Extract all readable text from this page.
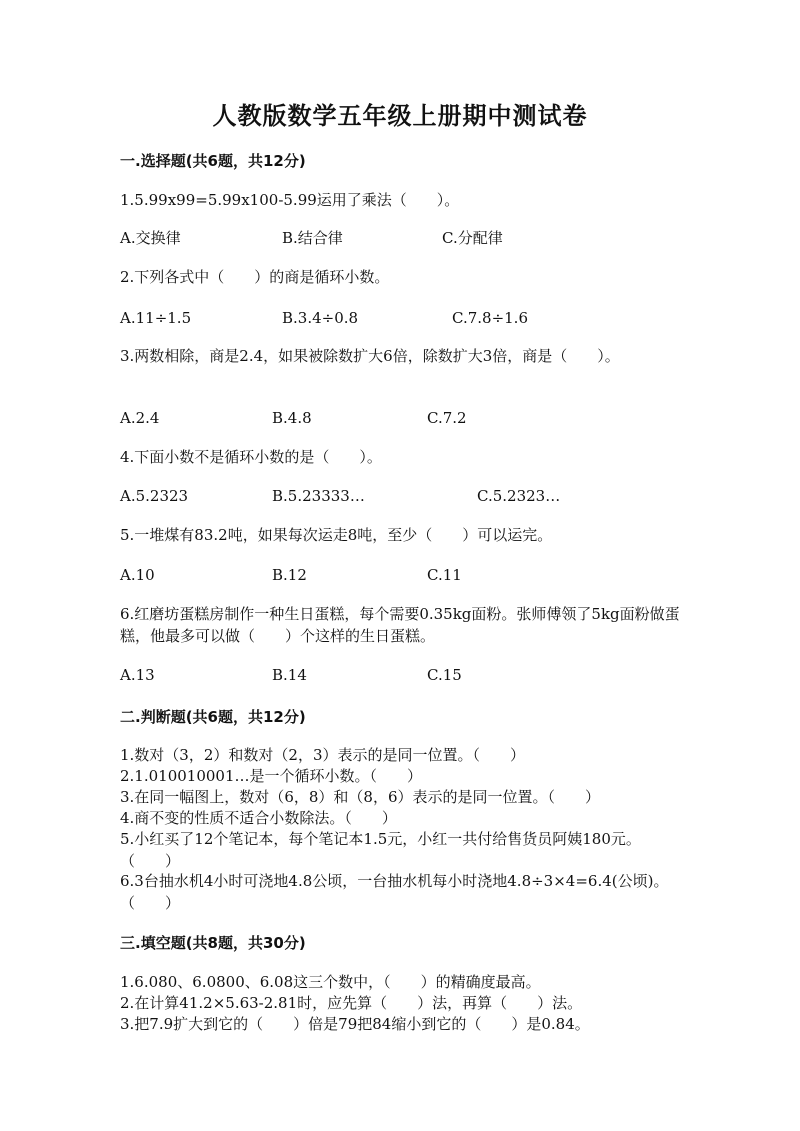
人教版数学五年级上册期中测试卷
一.选择题(共6题，共12分)
1.5.99x99=5.99x100-5.99运用了乘法（　　）。
A.交换律	B.结合律	C.分配律
2.下列各式中（　　）的商是循环小数。
A.11÷1.5	B.3.4÷0.8	C.7.8÷1.6
3.两数相除，商是2.4，如果被除数扩大6倍，除数扩大3倍，商是（　　）。
A.2.4	B.4.8	C.7.2
4.下面小数不是循环小数的是（　　）。
A.5.2323	B.5.23333…	C.5.2323…
5.一堆煤有83.2吨，如果每次运走8吨，至少（　　）可以运完。
A.10	B.12	C.11
6.红磨坊蛋糕房制作一种生日蛋糕，每个需要0.35kg面粉。张师傅领了5kg面粉做蛋糕，他最多可以做（　　）个这样的生日蛋糕。
A.13	B.14	C.15
二.判断题(共6题，共12分)
1.数对（3，2）和数对（2，3）表示的是同一位置。（　　）
2.1.010010001…是一个循环小数。（　　）
3.在同一幅图上，数对（6，8）和（8，6）表示的是同一位置。（　　）
4.商不变的性质不适合小数除法。（　　）
5.小红买了12个笔记本，每个笔记本1.5元，小红一共付给售货员阿姨180元。（　　）
6.3台抽水机4小时可浇地4.8公顷，一台抽水机每小时浇地4.8÷3×4=6.4(公顷)。（　　）
三.填空题(共8题，共30分)
1.6.080、6.0800、6.08这三个数中，（　　）的精确度最高。
2.在计算41.2×5.63-2.81时，应先算（　　）法，再算（　　）法。
3.把7.9扩大到它的（　　）倍是79把84缩小到它的（　　）是0.84。
